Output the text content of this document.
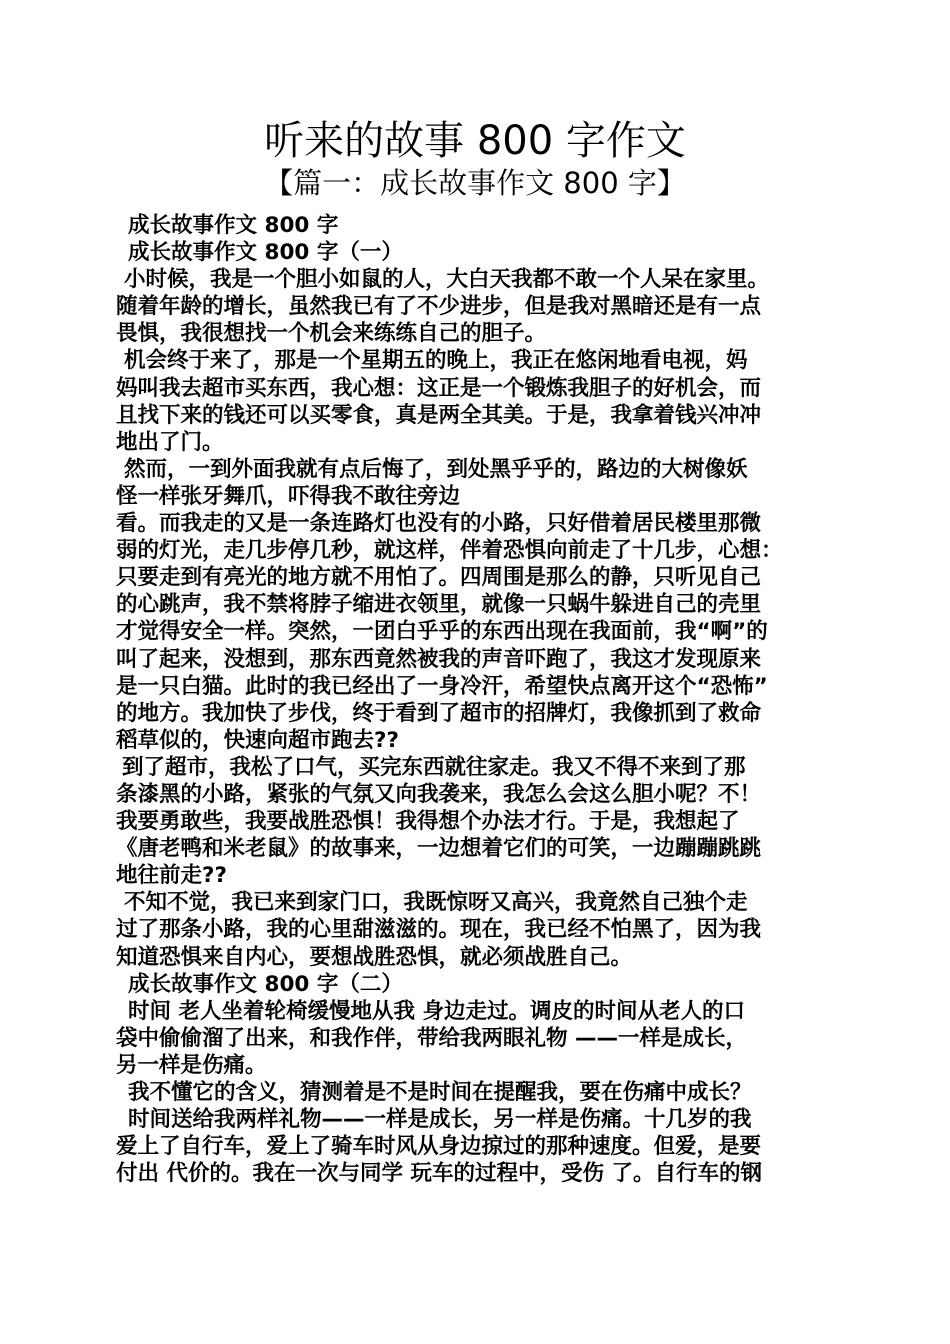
听来的故事 800 字作文
【篇一：成长故事作文 800 字】
成长故事作文 800 字
成长故事作文 800 字（一）
小时候，我是一个胆小如鼠的人，大白天我都不敢一个人呆在家里。
随着年龄的增长，虽然我已有了不少进步，但是我对黑暗还是有一点
畏惧，我很想找一个机会来练练自己的胆子。
机会终于来了，那是一个星期五的晚上，我正在悠闲地看电视，妈
妈叫我去超市买东西，我心想：这正是一个锻炼我胆子的好机会，而
且找下来的钱还可以买零食，真是两全其美。于是，我拿着钱兴冲冲
地出了门。
然而，一到外面我就有点后悔了，到处黑乎乎的，路边的大树像妖
怪一样张牙舞爪，吓得我不敢往旁边
看。而我走的又是一条连路灯也没有的小路，只好借着居民楼里那微
弱的灯光，走几步停几秒，就这样，伴着恐惧向前走了十几步，心想：
只要走到有亮光的地方就不用怕了。四周围是那么的静，只听见自己
的心跳声，我不禁将脖子缩进衣领里，就像一只蜗牛躲进自己的壳里
才觉得安全一样。突然，一团白乎乎的东西出现在我面前，我“啊”的
叫了起来，没想到，那东西竟然被我的声音吓跑了，我这才发现原来
是一只白猫。此时的我已经出了一身冷汗，希望快点离开这个“恐怖”
的地方。我加快了步伐，终于看到了超市的招牌灯，我像抓到了救命
稻草似的，快速向超市跑去??
到了超市，我松了口气，买完东西就往家走。我又不得不来到了那
条漆黑的小路，紧张的气氛又向我袭来，我怎么会这么胆小呢？不！
我要勇敢些，我要战胜恐惧！我得想个办法才行。于是，我想起了
《唐老鸭和米老鼠》的故事来，一边想着它们的可笑，一边蹦蹦跳跳
地往前走??
不知不觉，我已来到家门口，我既惊呀又高兴，我竟然自己独个走
过了那条小路，我的心里甜滋滋的。现在，我已经不怕黑了，因为我
知道恐惧来自内心，要想战胜恐惧，就必须战胜自己。
成长故事作文 800 字（二）
时间 老人坐着轮椅缓慢地从我 身边走过。调皮的时间从老人的口
袋中偷偷溜了出来，和我作伴，带给我两眼礼物 ——一样是成长，
另一样是伤痛。
我不懂它的含义，猜测着是不是时间在提醒我，要在伤痛中成长？
时间送给我两样礼物——一样是成长，另一样是伤痛。十几岁的我
爱上了自行车，爱上了骑车时风从身边掠过的那种速度。但爱，是要
付出 代价的。我在一次与同学 玩车的过程中，受伤 了。自行车的钢
